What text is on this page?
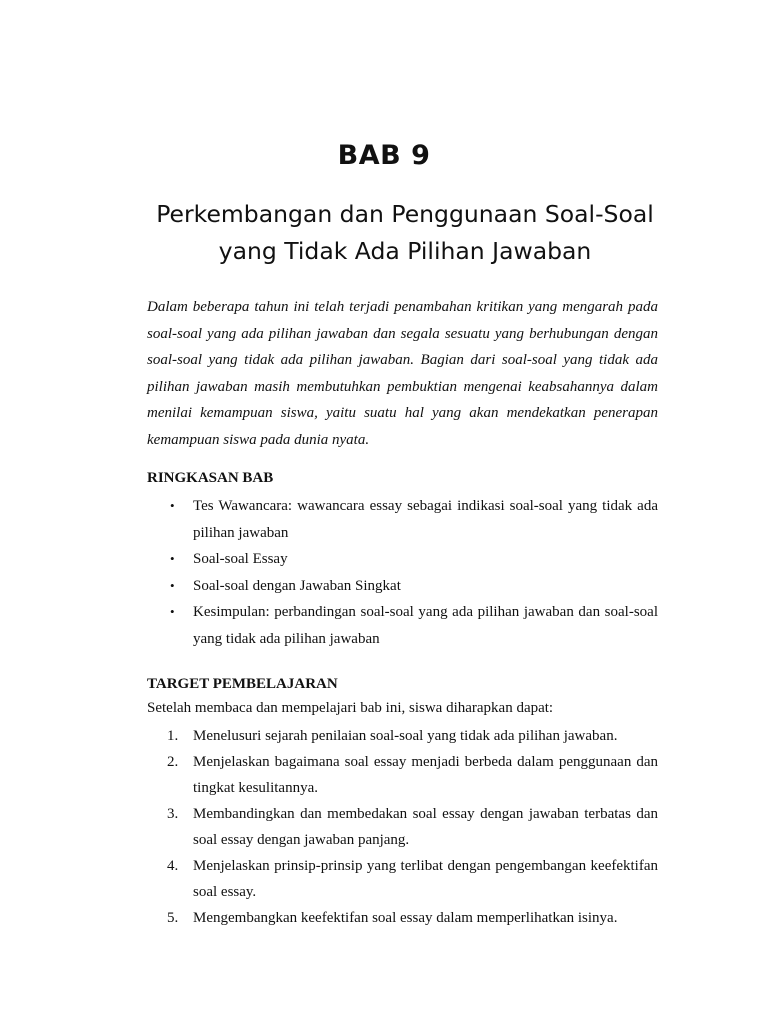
BAB 9
Perkembangan dan Penggunaan Soal-Soal
yang Tidak Ada Pilihan Jawaban

Dalam beberapa tahun ini telah terjadi penambahan kritikan yang mengarah pada soal-soal yang ada pilihan jawaban dan segala sesuatu yang berhubungan dengan soal-soal yang tidak ada pilihan jawaban. Bagian dari soal-soal yang tidak ada pilihan jawaban masih membutuhkan pembuktian mengenai keabsahannya dalam menilai kemampuan siswa, yaitu suatu hal yang akan mendekatkan penerapan kemampuan siswa pada dunia nyata.

RINGKASAN BAB
• Tes Wawancara: wawancara essay sebagai indikasi soal-soal yang tidak ada pilihan jawaban
• Soal-soal Essay
• Soal-soal dengan Jawaban Singkat
• Kesimpulan: perbandingan soal-soal yang ada pilihan jawaban dan soal-soal yang tidak ada pilihan jawaban
TARGET PEMBELAJARAN
Setelah membaca dan mempelajari bab ini, siswa diharapkan dapat:
1. Menelusuri sejarah penilaian soal-soal yang tidak ada pilihan jawaban.
2. Menjelaskan bagaimana soal essay menjadi berbeda dalam penggunaan dan tingkat kesulitannya.
3. Membandingkan dan membedakan soal essay dengan jawaban terbatas dan soal essay dengan jawaban panjang.
4. Menjelaskan prinsip-prinsip yang terlibat dengan pengembangan keefektifan soal essay.
5. Mengembangkan keefektifan soal essay dalam memperlihatkan isinya.
